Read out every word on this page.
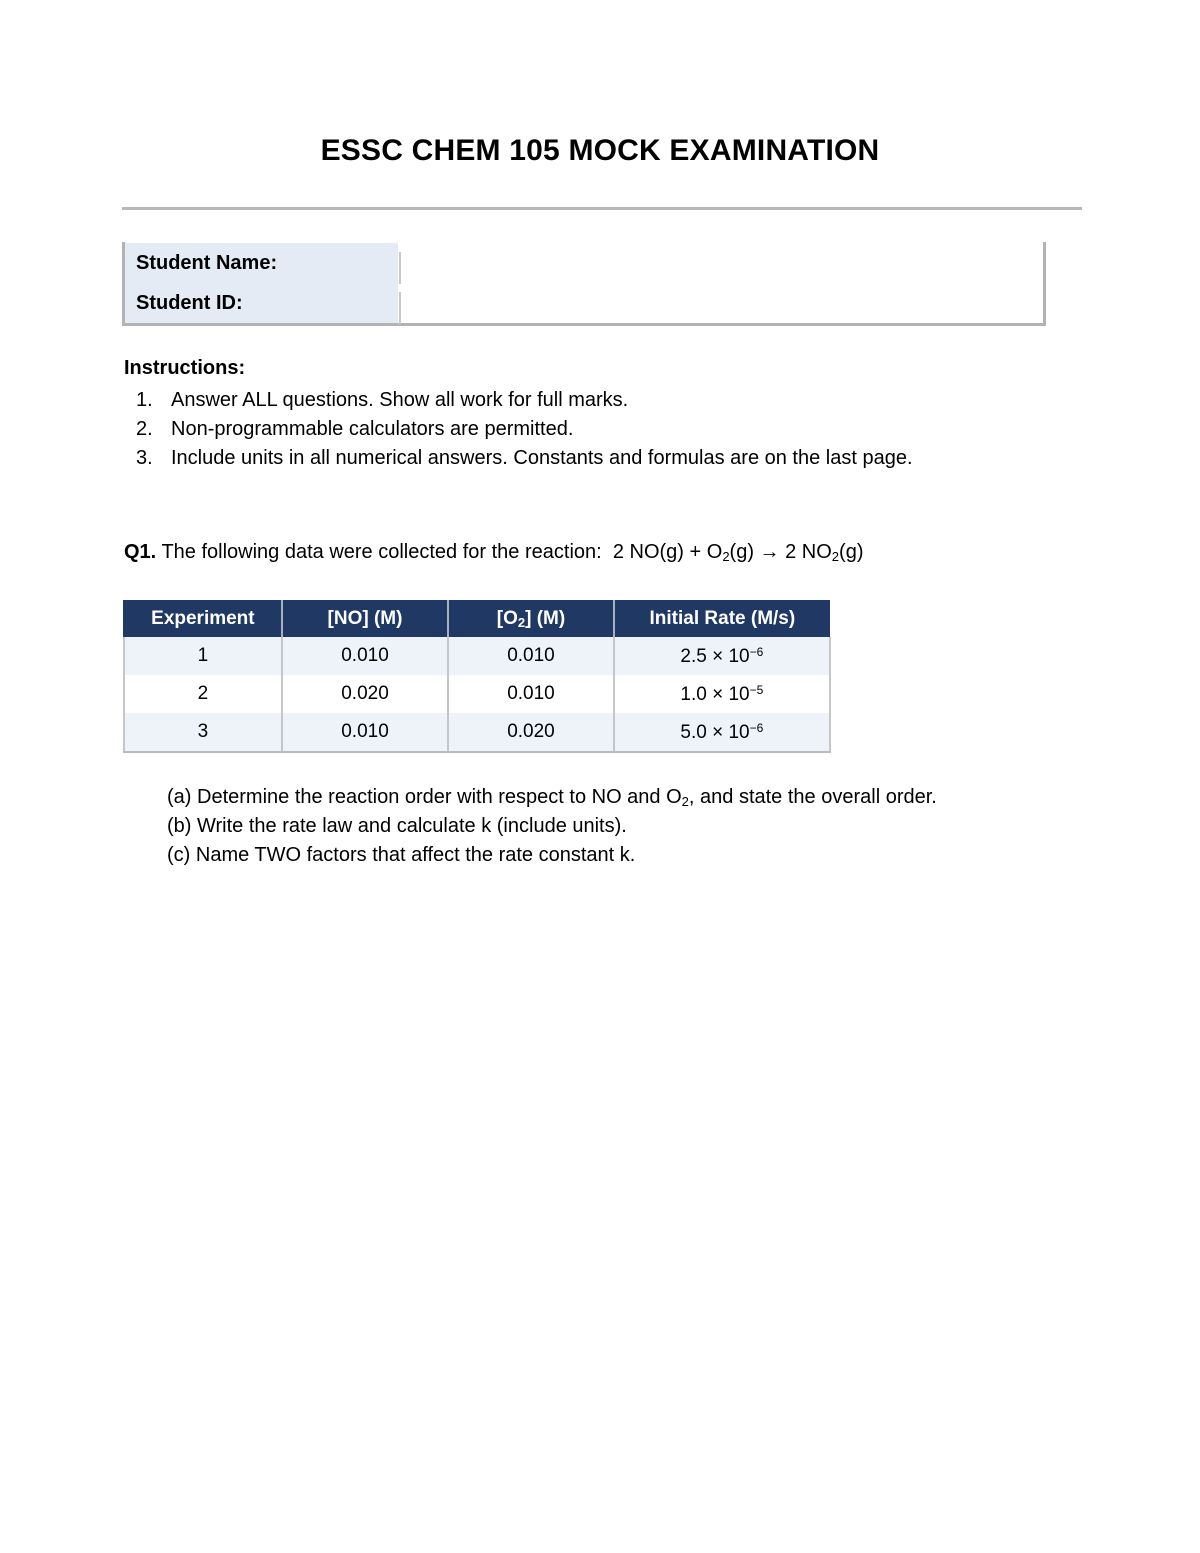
ESSC CHEM 105 MOCK EXAMINATION
Student Name:
Student ID:
Instructions:
1. Answer ALL questions. Show all work for full marks.
2. Non-programmable calculators are permitted.
3. Include units in all numerical answers. Constants and formulas are on the last page.
Q1. The following data were collected for the reaction: 2 $NO(g) + O_2(g) \to 2$ $NO_2(g)$
Experiment	[NO] (M)	$[O_2]$ (M)	Initial Rate (M/s)
1	0.010	0.010	$2.5 \times 10^{-6}$
2	0.020	0.010	$1.0 \times 10^{-5}$
3	0.010	0.020	$5.0 \times 10^{-6}$
(a) Determine the reaction order with respect to NO and $O_2$, and state the overall order.
(b) Write the rate law and calculate k (include units).
(c) Name TWO factors that affect the rate constant k.
